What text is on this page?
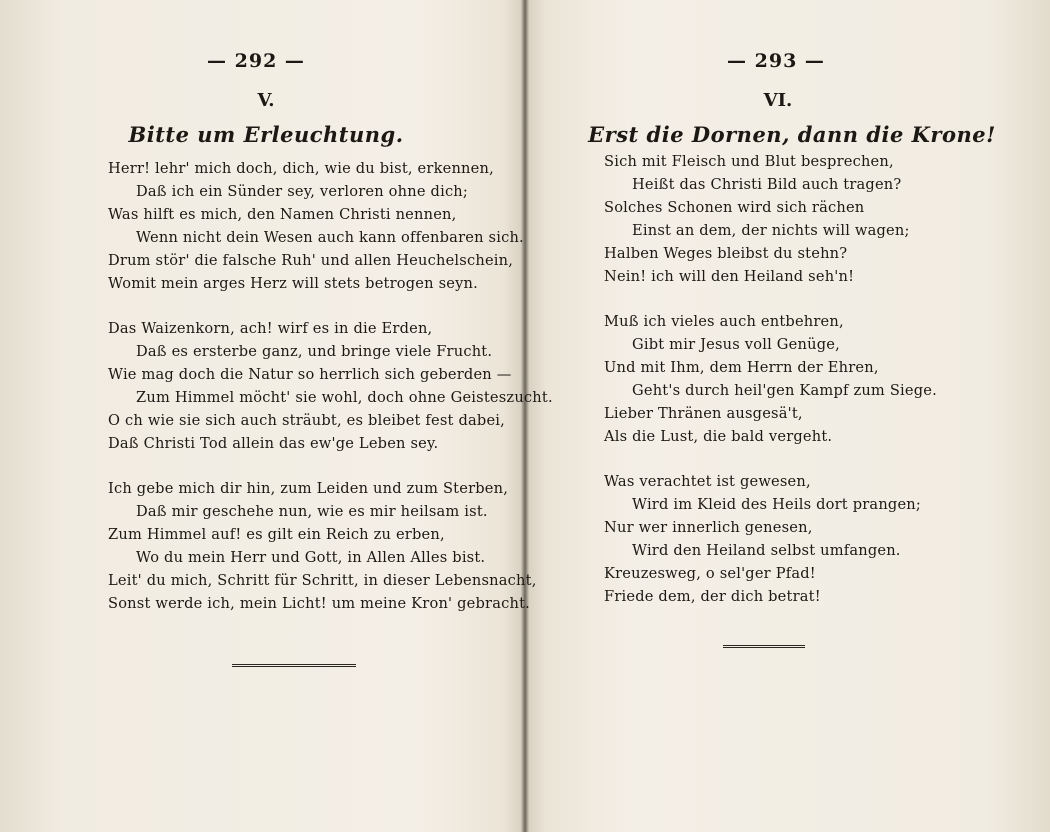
— 292 —
V.
Bitte um Erleuchtung.
Herr! lehr' mich doch, dich, wie du bist, erkennen,
Daß ich ein Sünder sey, verloren ohne dich;
Was hilft es mich, den Namen Christi nennen,
Wenn nicht dein Wesen auch kann offenbaren sich.
Drum stör' die falsche Ruh' und allen Heuchelschein,
Womit mein arges Herz will stets betrogen seyn.
Das Waizenkorn, ach! wirf es in die Erden,
Daß es ersterbe ganz, und bringe viele Frucht.
Wie mag doch die Natur so herrlich sich geberden —
Zum Himmel möcht' sie wohl, doch ohne Geisteszucht.
O ch wie sie sich auch sträubt, es bleibet fest dabei,
Daß Christi Tod allein das ew'ge Leben sey.
Ich gebe mich dir hin, zum Leiden und zum Sterben,
Daß mir geschehe nun, wie es mir heilsam ist.
Zum Himmel auf! es gilt ein Reich zu erben,
Wo du mein Herr und Gott, in Allen Alles bist.
Leit' du mich, Schritt für Schritt, in dieser Lebensnacht,
Sonst werde ich, mein Licht! um meine Kron' gebracht.
— 293 —
VI.
Erst die Dornen, dann die Krone!
Sich mit Fleisch und Blut besprechen,
Heißt das Christi Bild auch tragen?
Solches Schonen wird sich rächen
Einst an dem, der nichts will wagen;
Halben Weges bleibst du stehn?
Nein! ich will den Heiland seh'n!
Muß ich vieles auch entbehren,
Gibt mir Jesus voll Genüge,
Und mit Ihm, dem Herrn der Ehren,
Geht's durch heil'gen Kampf zum Siege.
Lieber Thränen ausgesä't,
Als die Lust, die bald vergeht.
Was verachtet ist gewesen,
Wird im Kleid des Heils dort prangen;
Nur wer innerlich genesen,
Wird den Heiland selbst umfangen.
Kreuzesweg, o sel'ger Pfad!
Friede dem, der dich betrat!
